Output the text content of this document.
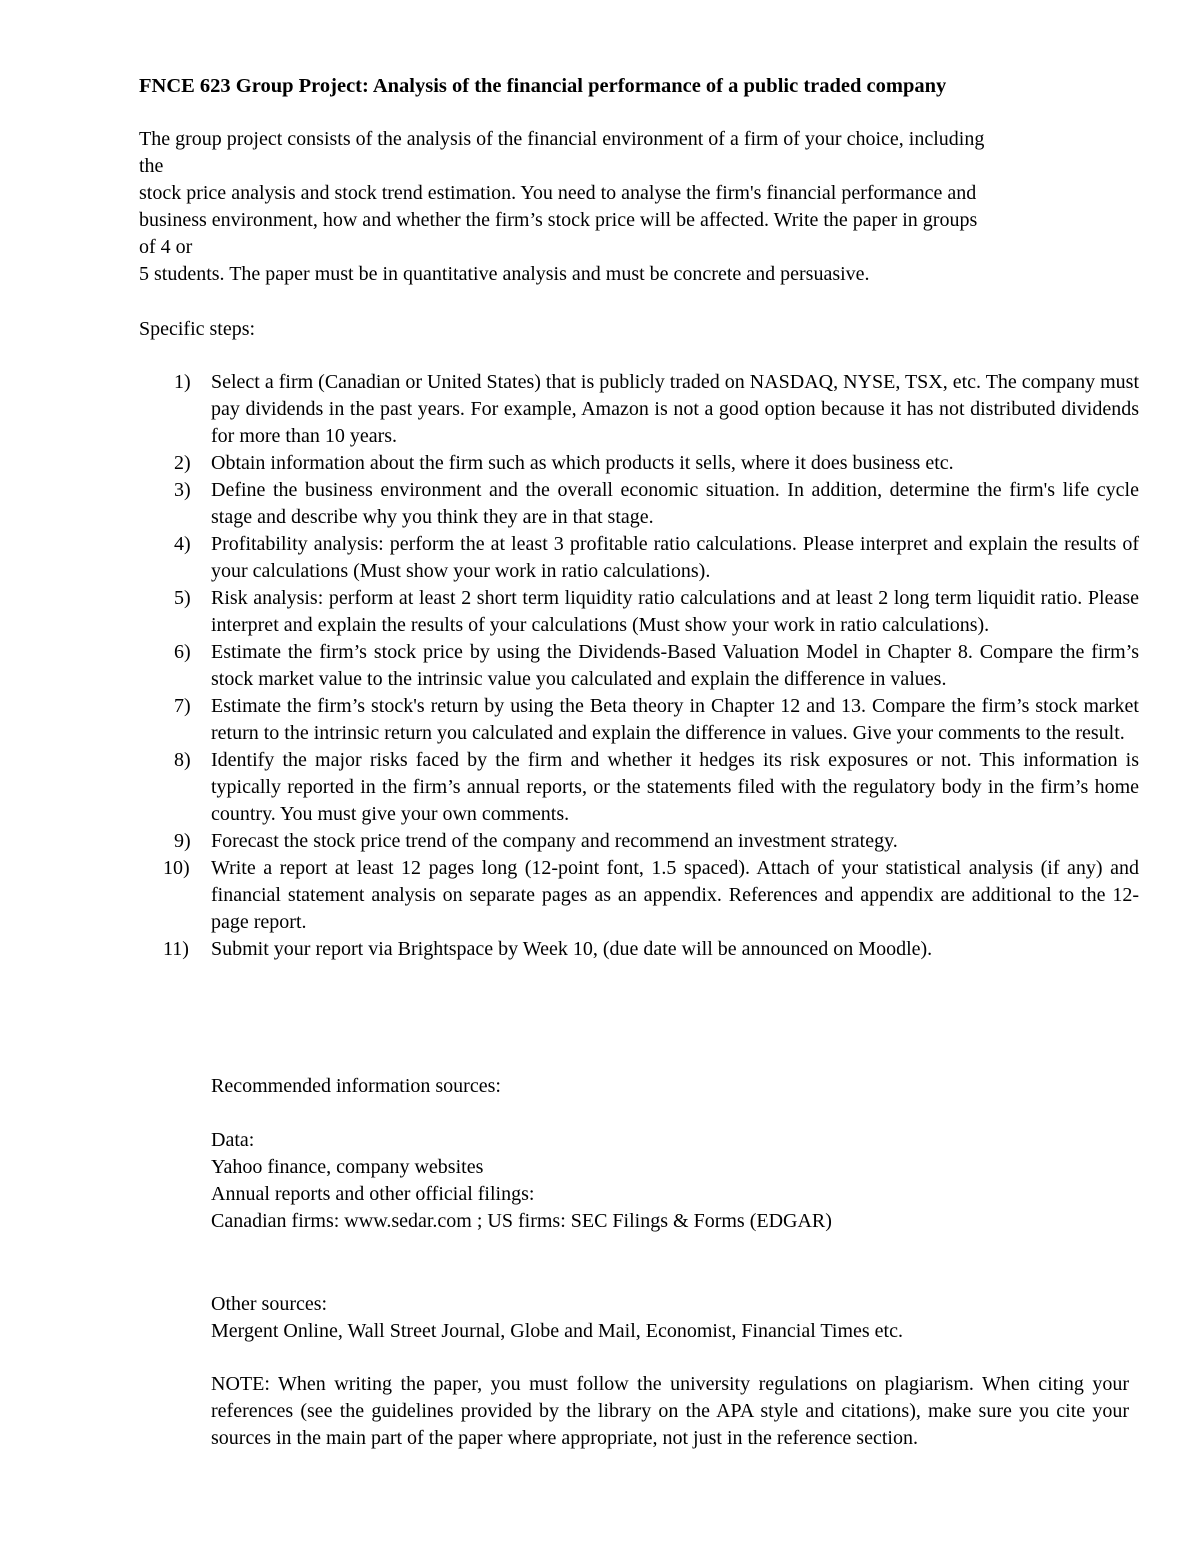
FNCE 623 Group Project: Analysis of the financial performance of a public traded company
The group project consists of the analysis of the financial environment of a firm of your choice, including
the
stock price analysis and stock trend estimation. You need to analyse the firm's financial performance and
business environment, how and whether the firm’s stock price will be affected. Write the paper in groups
of 4 or
5 students. The paper must be in quantitative analysis and must be concrete and persuasive.

Specific steps:

1)	Select a firm (Canadian or United States) that is publicly traded on NASDAQ, NYSE, TSX, etc. The company must pay dividends in the past years. For example, Amazon is not a good option because it has not distributed dividends for more than 10 years.
2)	Obtain information about the firm such as which products it sells, where it does business etc.
3)	Define the business environment and the overall economic situation. In addition, determine the firm's life cycle stage and describe why you think they are in that stage.
4)	Profitability analysis: perform the at least 3 profitable ratio calculations. Please interpret and explain the results of your calculations (Must show your work in ratio calculations).
5)	Risk analysis: perform at least 2 short term liquidity ratio calculations and at least 2 long term liquidit ratio. Please interpret and explain the results of your calculations (Must show your work in ratio calculations).
6)	Estimate the firm’s stock price by using the Dividends-Based Valuation Model in Chapter 8. Compare the firm’s stock market value to the intrinsic value you calculated and explain the difference in values.
7)	Estimate the firm’s stock's return by using the Beta theory in Chapter 12 and 13. Compare the firm’s stock market return to the intrinsic return you calculated and explain the difference in values. Give your comments to the result.
8)	Identify the major risks faced by the firm and whether it hedges its risk exposures or not. This information is typically reported in the firm’s annual reports, or the statements filed with the regulatory body in the firm’s home country. You must give your own comments.
9)	Forecast the stock price trend of the company and recommend an investment strategy.
10)	Write a report at least 12 pages long (12-point font, 1.5 spaced). Attach of your statistical analysis (if any) and financial statement analysis on separate pages as an appendix. References and appendix are additional to the 12-page report.
11)	Submit your report via Brightspace by Week 10, (due date will be announced on Moodle).

Recommended information sources:

Data:
Yahoo finance, company websites
Annual reports and other official filings:
Canadian firms: www.sedar.com ; US firms: SEC Filings & Forms (EDGAR)
Other sources:
Mergent Online, Wall Street Journal, Globe and Mail, Economist, Financial Times etc.

NOTE: When writing the paper, you must follow the university regulations on plagiarism. When citing your references (see the guidelines provided by the library on the APA style and citations), make sure you cite your sources in the main part of the paper where appropriate, not just in the reference section.
